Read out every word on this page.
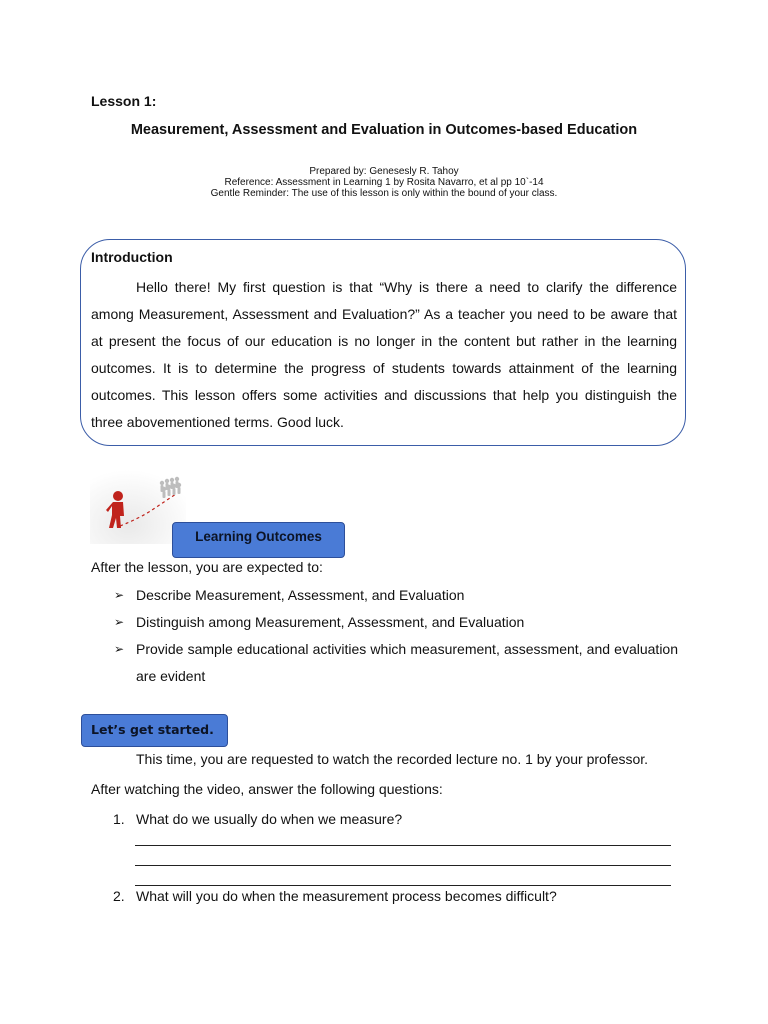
Lesson 1:
Measurement, Assessment and Evaluation in Outcomes-based Education
Prepared by: Genesesly R. Tahoy
Reference: Assessment in Learning 1 by Rosita Navarro, et al pp 10`-14
Gentle Reminder: The use of this lesson is only within the bound of your class.
Introduction

Hello there! My first question is that “Why is there a need to clarify the difference among Measurement, Assessment and Evaluation?” As a teacher you need to be aware that at present the focus of our education is no longer in the content but rather in the learning outcomes. It is to determine the progress of students towards attainment of the learning outcomes. This lesson offers some activities and discussions that help you distinguish the three abovementioned terms. Good luck.

Learning Outcomes
After the lesson, you are expected to:
➢ Describe Measurement, Assessment, and Evaluation
➢ Distinguish among Measurement, Assessment, and Evaluation
➢ Provide sample educational activities which measurement, assessment, and evaluation are evident
Let’s get started.
This time, you are requested to watch the recorded lecture no. 1 by your professor.
After watching the video, answer the following questions:
1. What do we usually do when we measure?
2. What will you do when the measurement process becomes difficult?
